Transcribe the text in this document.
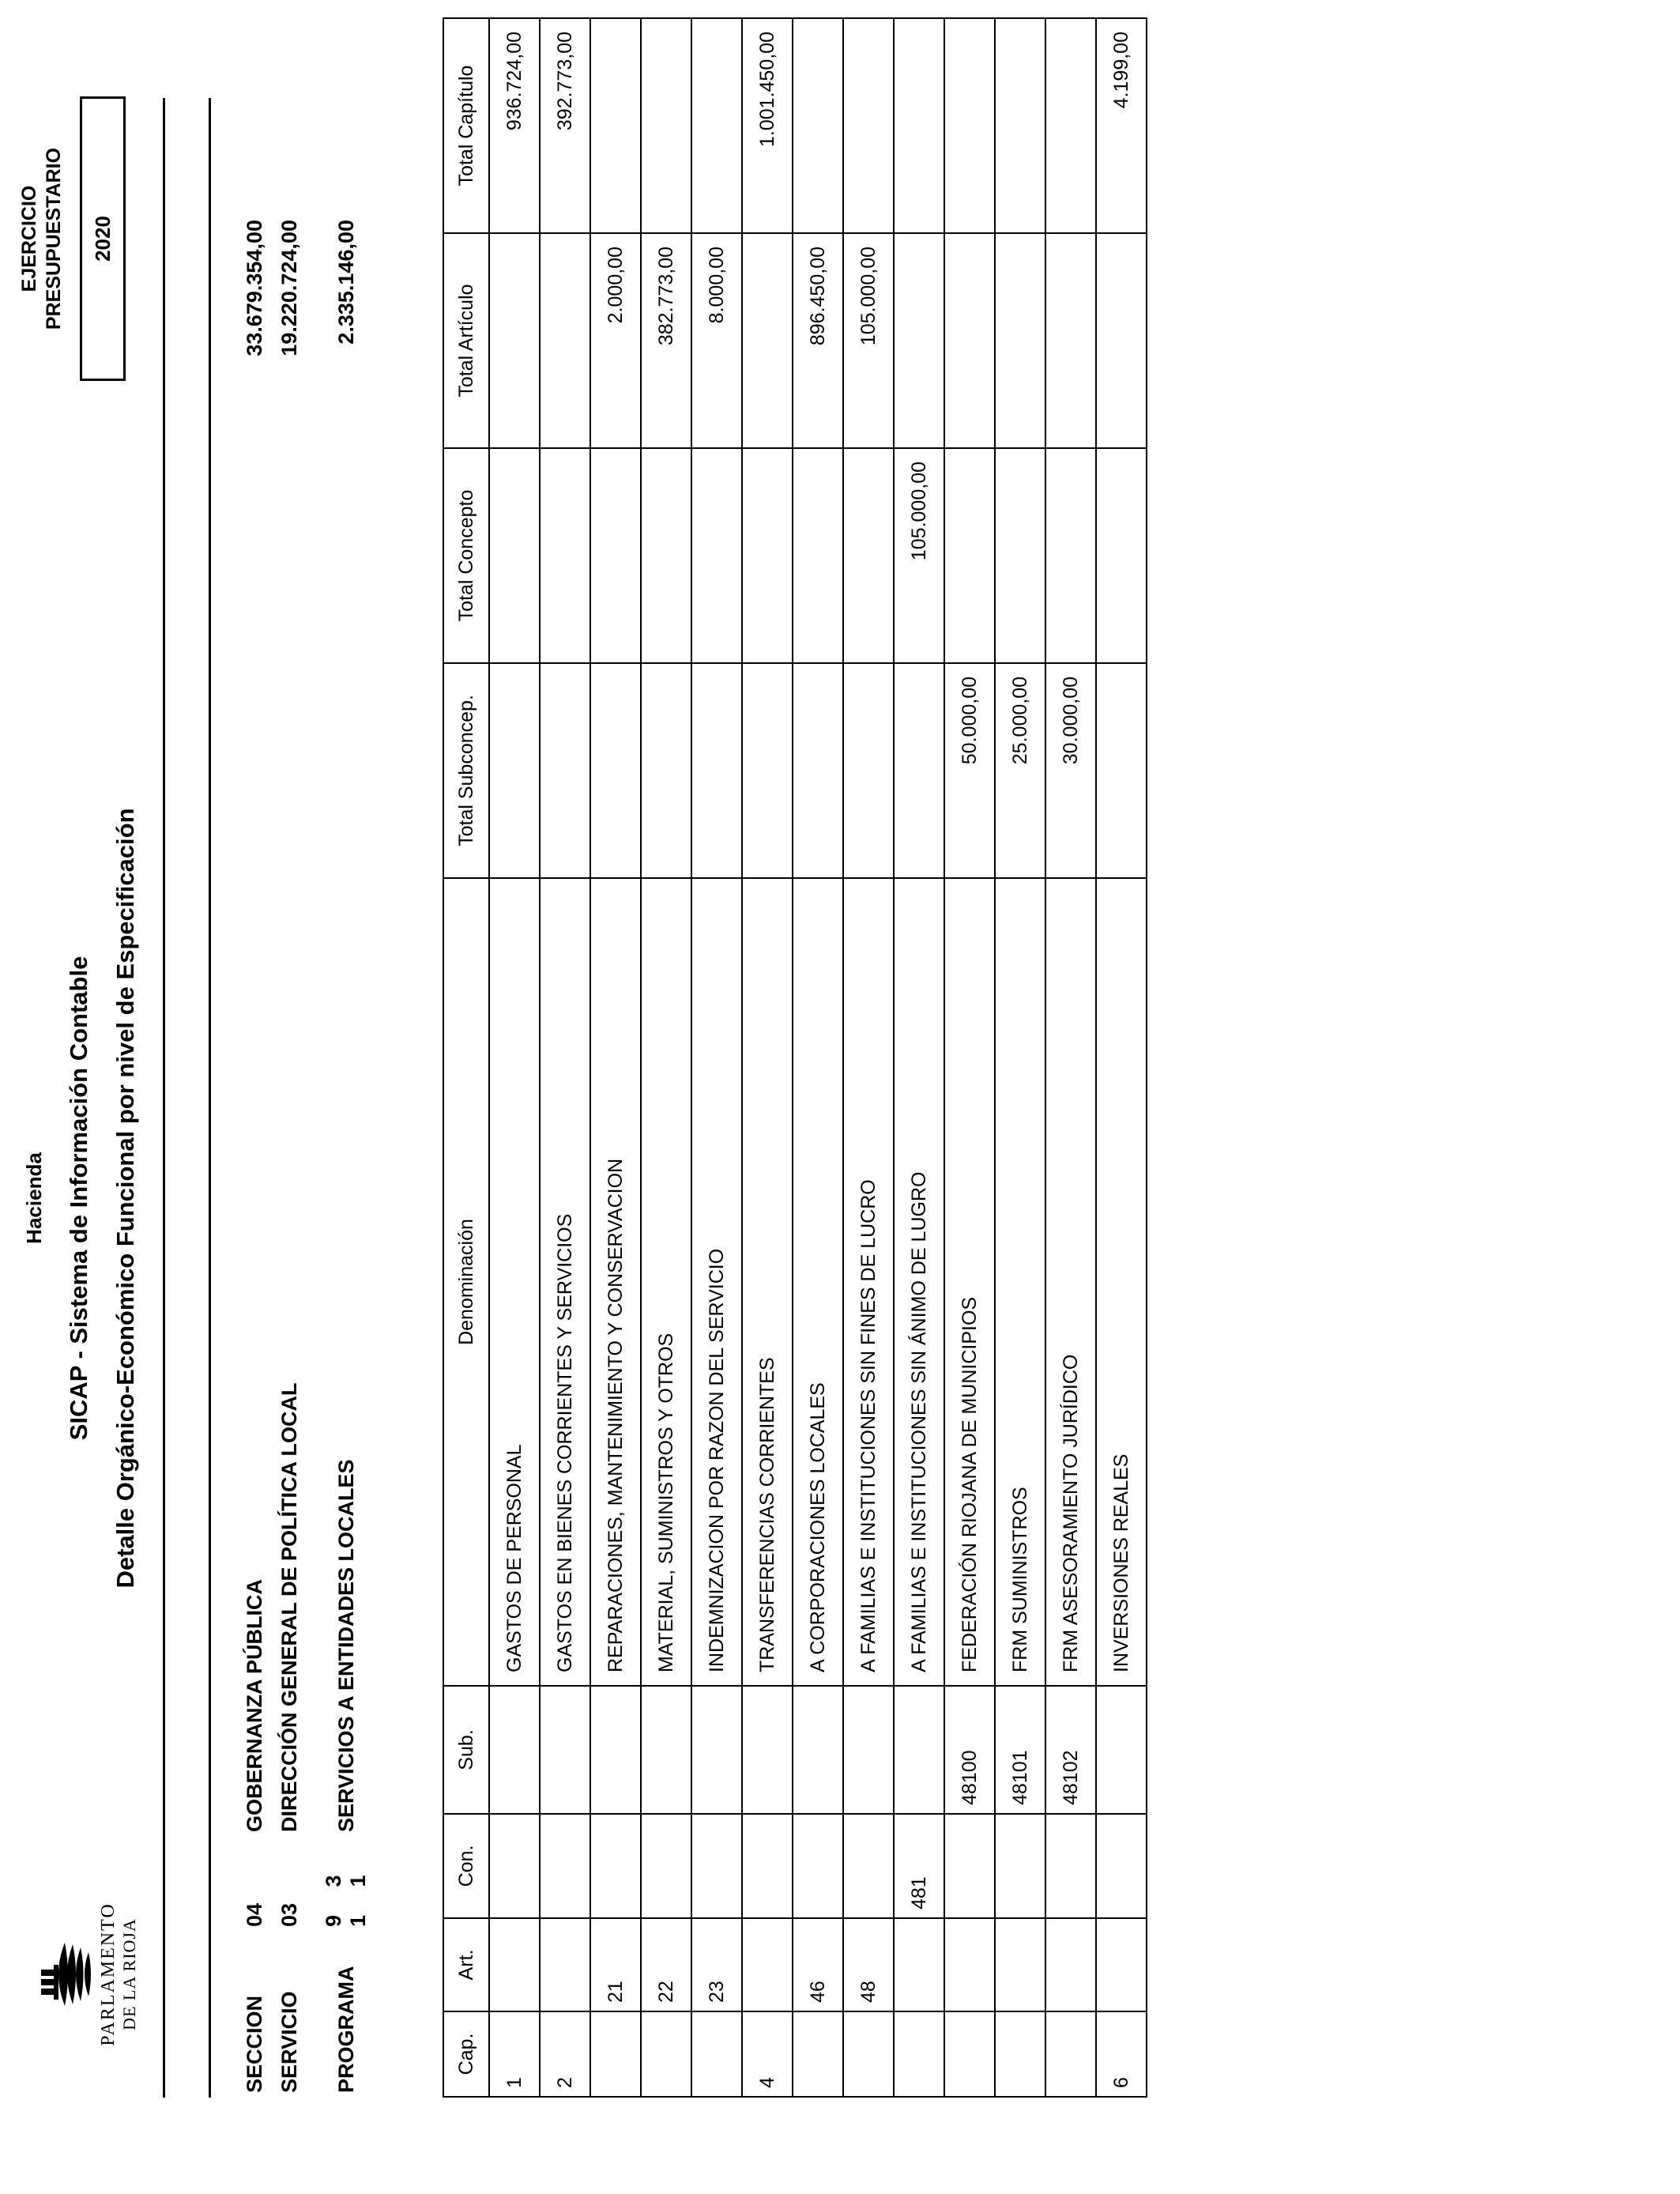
PARLAMENTO DE LA RIOJA
Hacienda SICAP - Sistema de Información Contable Detalle Orgánico-Económico Funcional por nivel de Especificación
EJERCICIO PRESUPUESTARIO	2020
SECCION
04
GOBERNANZA PÚBLICA
33.679.354,00
SERVICIO
03
DIRECCIÓN GENERAL DE POLÍTICA LOCAL
19.220.724,00
PROGRAMA
9 3 1 1
SERVICIOS A ENTIDADES LOCALES
2.335.146,00
Cap.	Art.	Con.	Sub.	Denominación	Total Subconcep.	Total Concepto	Total Artículo	Total Capítulo
1				GASTOS DE PERSONAL				936.724,00
2				GASTOS EN BIENES CORRIENTES Y SERVICIOS				392.773,00
	21			REPARACIONES, MANTENIMIENTO Y CONSERVACION			2.000,00	
	22			MATERIAL, SUMINISTROS Y OTROS			382.773,00	
	23			INDEMNIZACION POR RAZON DEL SERVICIO			8.000,00	
4				TRANSFERENCIAS CORRIENTES				1.001.450,00
	46			A CORPORACIONES LOCALES			896.450,00	
	48			A FAMILIAS E INSTITUCIONES SIN FINES DE LUCRO			105.000,00	
		481		A FAMILIAS E INSTITUCIONES SIN ÁNIMO DE LUGRO		105.000,00		
			48100	FEDERACIÓN RIOJANA DE MUNICIPIOS	50.000,00			
			48101	FRM SUMINISTROS	25.000,00			
			48102	FRM ASESORAMIENTO JURÍDICO	30.000,00			
6				INVERSIONES REALES				4.199,00
